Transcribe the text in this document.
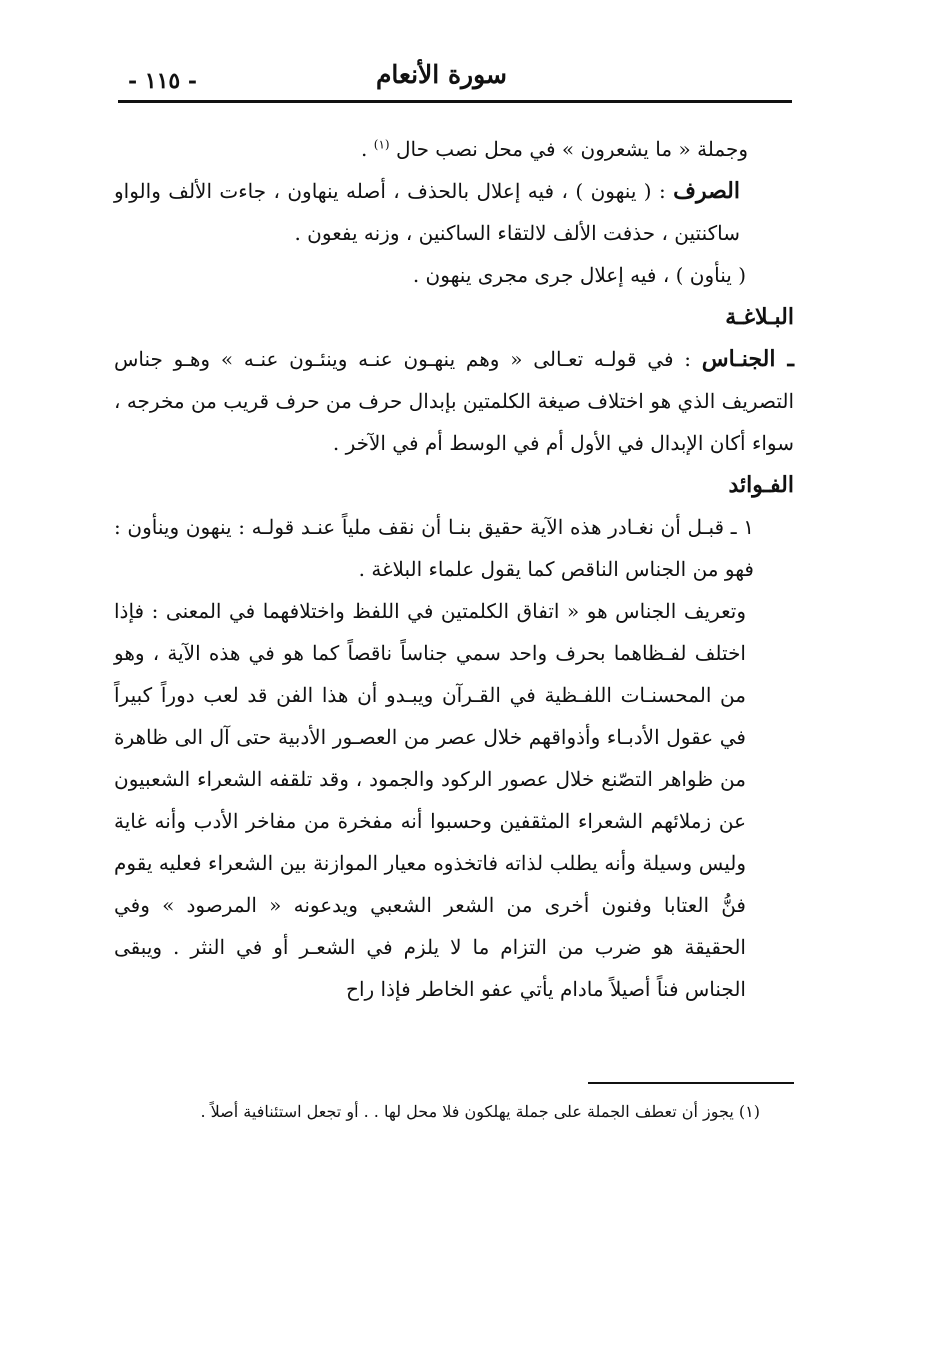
سورة الأنعام
- ١١٥ -

وجملة « ما يشعرون » في محل نصب حال $^{(١)}$ .

الصرف : ( ينهون ) ، فيه إعلال بالحذف ، أصله ينهاون ، جاءت الألف والواو ساكنتين ، حذفت الألف لالتقاء الساكنين ، وزنه يفعون .

( ينأون ) ، فيه إعلال جرى مجرى ينهون .

البـلاغـة

ـ الجنـاس : في قولـه تعـالى « وهم ينهـون عنـه وينئـون عنـه » وهـو جناس التصريف الذي هو اختلاف صيغة الكلمتين بإبدال حرف من حرف قريب من مخرجه ، سواء أكان الإبدال في الأول أم في الوسط أم في الآخر .

الفـوائد

١ ـ قبـل أن نغـادر هذه الآية حقيق بنـا أن نقف ملياً عنـد قولـه : ينهون وينأون : فهو من الجناس الناقص كما يقول علماء البلاغة .

وتعريف الجناس هو « اتفاق الكلمتين في اللفظ واختلافهما في المعنى : فإذا اختلف لفـظاهما بحرف واحد سمي جناساً ناقصاً كما هو في هذه الآية ، وهو من المحسنـات اللفـظية في القـرآن ويبـدو أن هذا الفن قد لعب دوراً كبيراً في عقول الأدبـاء وأذواقهم خلال عصر من العصـور الأدبية حتى آل الى ظاهرة من ظواهر التصّنع خلال عصور الركود والجمود ، وقد تلقفه الشعراء الشعبيون عن زملائهم الشعراء المثقفين وحسبوا أنه مفخرة من مفاخر الأدب وأنه غاية وليس وسيلة وأنه يطلب لذاته فاتخذوه معيار الموازنة بين الشعراء فعليه يقوم فنُّ العتابا وفنون أخرى من الشعر الشعبي ويدعونه « المرصود » وفي الحقيقة هو ضرب من التزام ما لا يلزم في الشعـر أو في النثر . ويبقى الجناس فناً أصيلاً مادام يأتي عفو الخاطر فإذا راح

(١) يجوز أن تعطف الجملة على جملة يهلكون فلا محل لها . . أو تجعل استئنافية أصلاً .
